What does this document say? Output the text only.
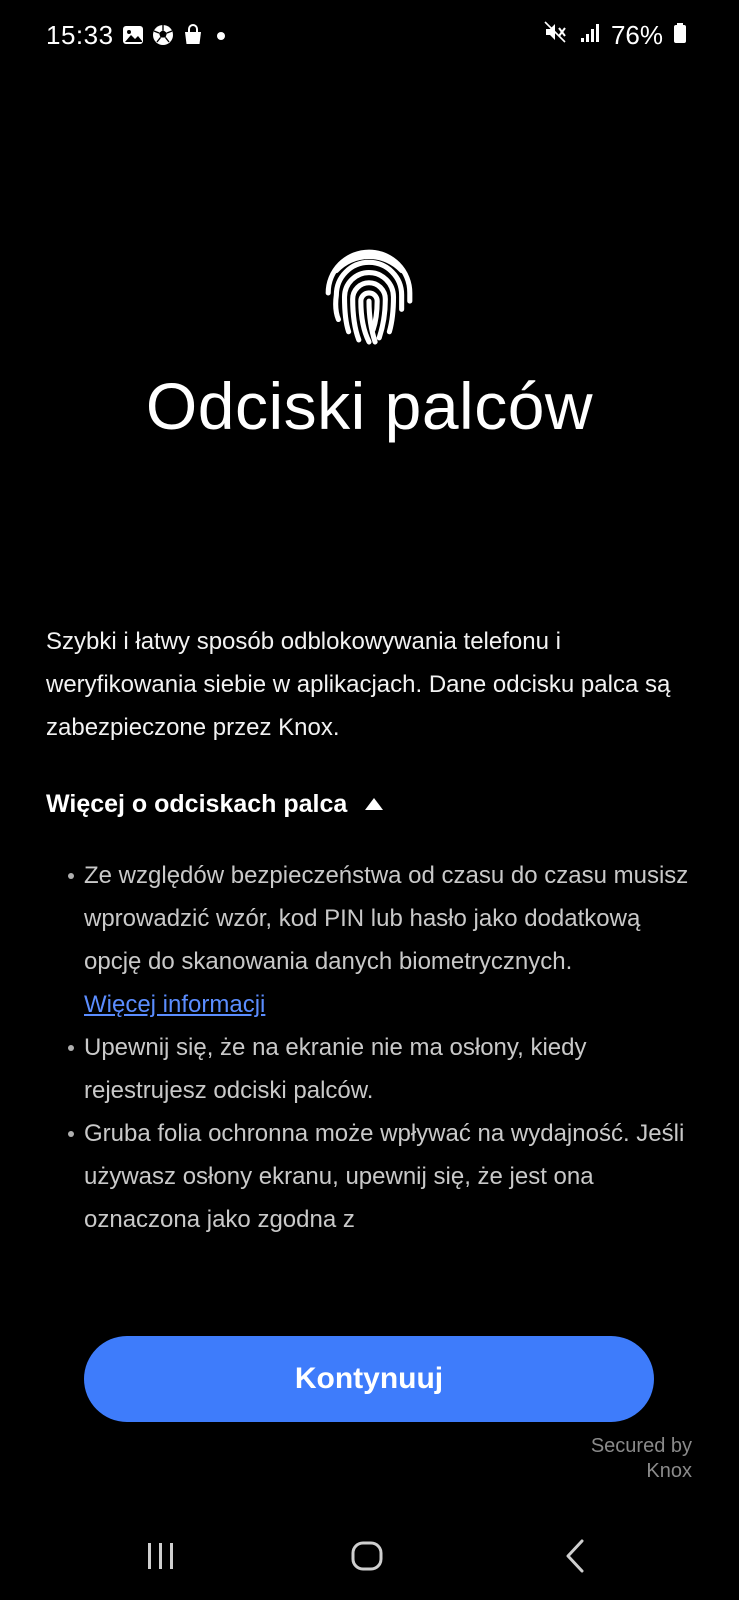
15:33	76%
Odciski palców
Szybki i łatwy sposób odblokowywania telefonu i weryfikowania siebie w aplikacjach. Dane odcisku palca są zabezpieczone przez Knox.
Więcej o odciskach palca
Ze względów bezpieczeństwa od czasu do czasu musisz wprowadzić wzór, kod PIN lub hasło jako dodatkową opcję do skanowania danych biometrycznych.
Więcej informacji
Upewnij się, że na ekranie nie ma osłony, kiedy rejestrujesz odciski palców.
Gruba folia ochronna może wpływać na wydajność. Jeśli używasz osłony ekranu, upewnij się, że jest ona oznaczona jako zgodna z
Kontynuuj
Secured by
Knox
